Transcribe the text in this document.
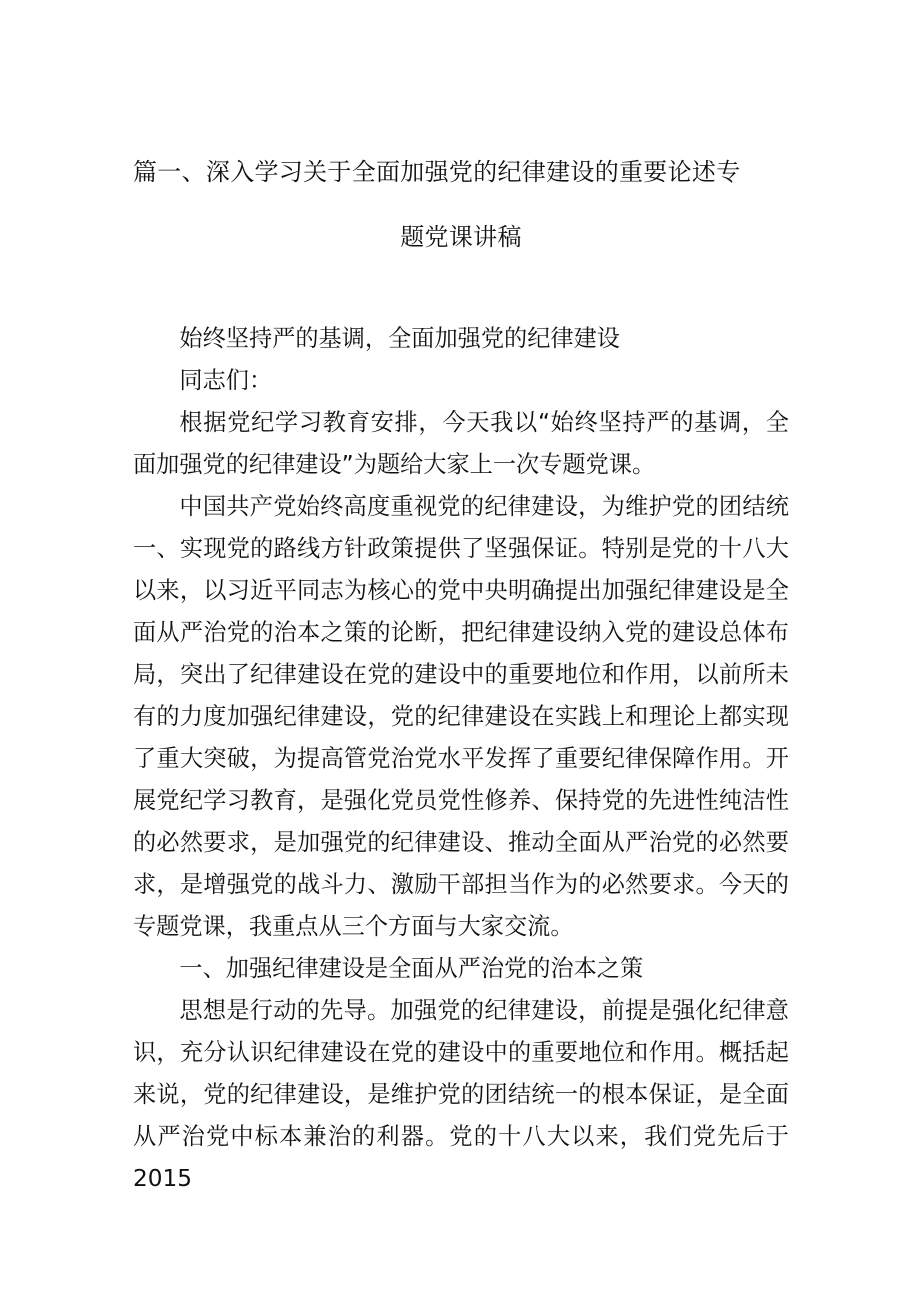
篇一、深入学习关于全面加强党的纪律建设的重要论述专
题党课讲稿

始终坚持严的基调，全面加强党的纪律建设

同志们：

根据党纪学习教育安排，今天我以“始终坚持严的基调，全面加强党的纪律建设”为题给大家上一次专题党课。

中国共产党始终高度重视党的纪律建设，为维护党的团结统一、实现党的路线方针政策提供了坚强保证。特别是党的十八大以来，以习近平同志为核心的党中央明确提出加强纪律建设是全面从严治党的治本之策的论断，把纪律建设纳入党的建设总体布局，突出了纪律建设在党的建设中的重要地位和作用，以前所未有的力度加强纪律建设，党的纪律建设在实践上和理论上都实现了重大突破，为提高管党治党水平发挥了重要纪律保障作用。开展党纪学习教育，是强化党员党性修养、保持党的先进性纯洁性的必然要求，是加强党的纪律建设、推动全面从严治党的必然要求，是增强党的战斗力、激励干部担当作为的必然要求。今天的专题党课，我重点从三个方面与大家交流。

一、加强纪律建设是全面从严治党的治本之策

思想是行动的先导。加强党的纪律建设，前提是强化纪律意识，充分认识纪律建设在党的建设中的重要地位和作用。概括起来说，党的纪律建设，是维护党的团结统一的根本保证，是全面从严治党中标本兼治的利器。党的十八大以来，我们党先后于2015
